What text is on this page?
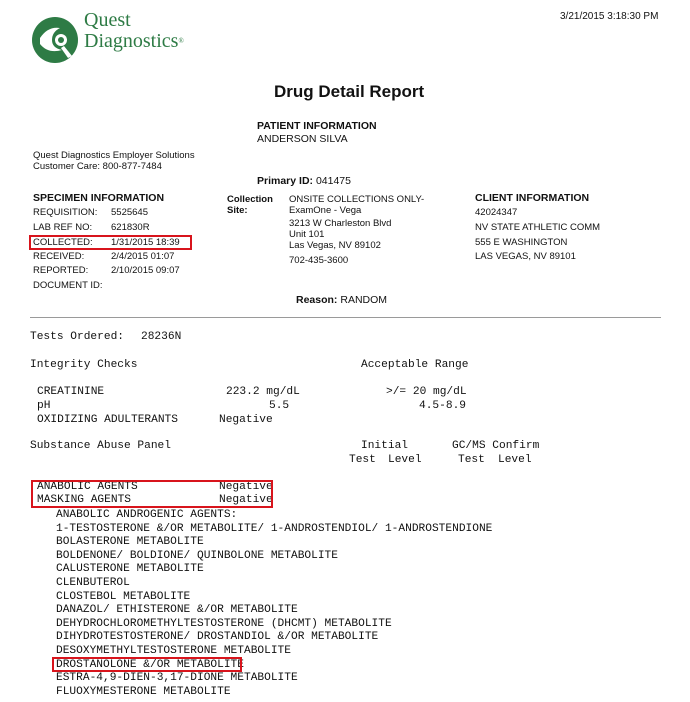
Quest
Diagnostics®
3/21/2015 3:18:30 PM
Drug Detail Report
PATIENT INFORMATION
ANDERSON SILVA
Quest Diagnostics Employer Solutions
Customer Care: 800-877-7484
Primary ID: 041475
SPECIMEN INFORMATION
REQUISITION: 5525645
LAB REF NO: 621830R
COLLECTED: 1/31/2015 18:39
RECEIVED:	2/4/2015 01:07
REPORTED: 2/10/2015 09:07
DOCUMENT ID:
Collection
Site:
ONSITE COLLECTIONS ONLY-
ExamOne - Vega
3213 W Charleston Blvd
Unit 101
Las Vegas, NV 89102
702-435-3600
CLIENT INFORMATION
42024347
NV STATE ATHLETIC COMM
555 E WASHINGTON
LAS VEGAS, NV 89101
Reason: RANDOM
Tests Ordered: 28236N
Integrity Checks	Acceptable Range
CREATININE	223.2 mg/dL	>/= 20 mg/dL
pH	5.5	4.5-8.9
OXIDIZING ADULTERANTS	Negative
Substance Abuse Panel	Initial	GC/MS Confirm
Test Level	Test Level
ANABOLIC AGENTS	Negative
MASKING AGENTS	Negative
ANABOLIC ANDROGENIC AGENTS:
1-TESTOSTERONE &/OR METABOLITE/ 1-ANDROSTENDIOL/ 1-ANDROSTENDIONE
BOLASTERONE METABOLITE
BOLDENONE/ BOLDIONE/ QUINBOLONE METABOLITE
CALUSTERONE METABOLITE
CLENBUTEROL
CLOSTEBOL METABOLITE
DANAZOL/ ETHISTERONE &/OR METABOLITE
DEHYDROCHLOROMETHYLTESTOSTERONE (DHCMT) METABOLITE
DIHYDROTESTOSTERONE/ DROSTANDIOL &/OR METABOLITE
DESOXYMETHYLTESTOSTERONE METABOLITE
DROSTANOLONE &/OR METABOLITE
ESTRA-4,9-DIEN-3,17-DIONE METABOLITE
FLUOXYMESTERONE METABOLITE
